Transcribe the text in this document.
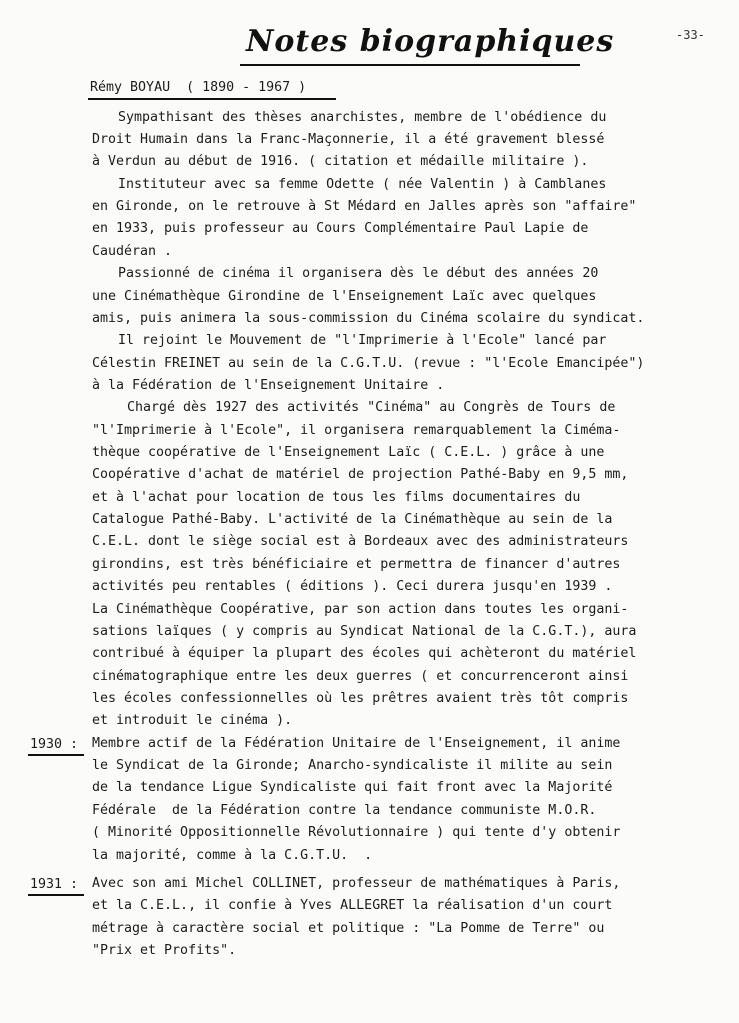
-33-
Notes biographiques
Rémy BOYAU ( 1890 - 1967 )
Sympathisant des thèses anarchistes, membre de l'obédience du
Droit Humain dans la Franc-Maçonnerie, il a été gravement blessé
à Verdun au début de 1916. ( citation et médaille militaire ).
Instituteur avec sa femme Odette ( née Valentin ) à Camblanes
en Gironde, on le retrouve à St Médard en Jalles après son "affaire"
en 1933, puis professeur au Cours Complémentaire Paul Lapie de
Caudéran .
Passionné de cinéma il organisera dès le début des années 20
une Cinémathèque Girondine de l'Enseignement Laïc avec quelques
amis, puis animera la sous-commission du Cinéma scolaire du syndicat.
Il rejoint le Mouvement de "l'Imprimerie à l'Ecole" lancé par
Célestin FREINET au sein de la C.G.T.U. (revue : "l'Ecole Emancipée")
à la Fédération de l'Enseignement Unitaire .
Chargé dès 1927 des activités "Cinéma" au Congrès de Tours de
"l'Imprimerie à l'Ecole", il organisera remarquablement la Ciméma-
thèque coopérative de l'Enseignement Laïc ( C.E.L. ) grâce à une
Coopérative d'achat de matériel de projection Pathé-Baby en 9,5 mm,
et à l'achat pour location de tous les films documentaires du
Catalogue Pathé-Baby. L'activité de la Cinémathèque au sein de la
C.E.L. dont le siège social est à Bordeaux avec des administrateurs
girondins, est très bénéficiaire et permettra de financer d'autres
activités peu rentables ( éditions ). Ceci durera jusqu'en 1939 .
La Cinémathèque Coopérative, par son action dans toutes les organi-
sations laïques ( y compris au Syndicat National de la C.G.T.), aura
contribué à équiper la plupart des écoles qui achèteront du matériel
cinématographique entre les deux guerres ( et concurrenceront ainsi
les écoles confessionnelles où les prêtres avaient très tôt compris
et introduit le cinéma ).
1930 : Membre actif de la Fédération Unitaire de l'Enseignement, il anime
le Syndicat de la Gironde; Anarcho-syndicaliste il milite au sein
de la tendance Ligue Syndicaliste qui fait front avec la Majorité
Fédérale  de la Fédération contre la tendance communiste M.O.R.
( Minorité Oppositionnelle Révolutionnaire ) qui tente d'y obtenir
la majorité, comme à la C.G.T.U.  .
1931 : Avec son ami Michel COLLINET, professeur de mathématiques à Paris,
et la C.E.L., il confie à Yves ALLEGRET la réalisation d'un court
métrage à caractère social et politique : "La Pomme de Terre" ou
"Prix et Profits".
